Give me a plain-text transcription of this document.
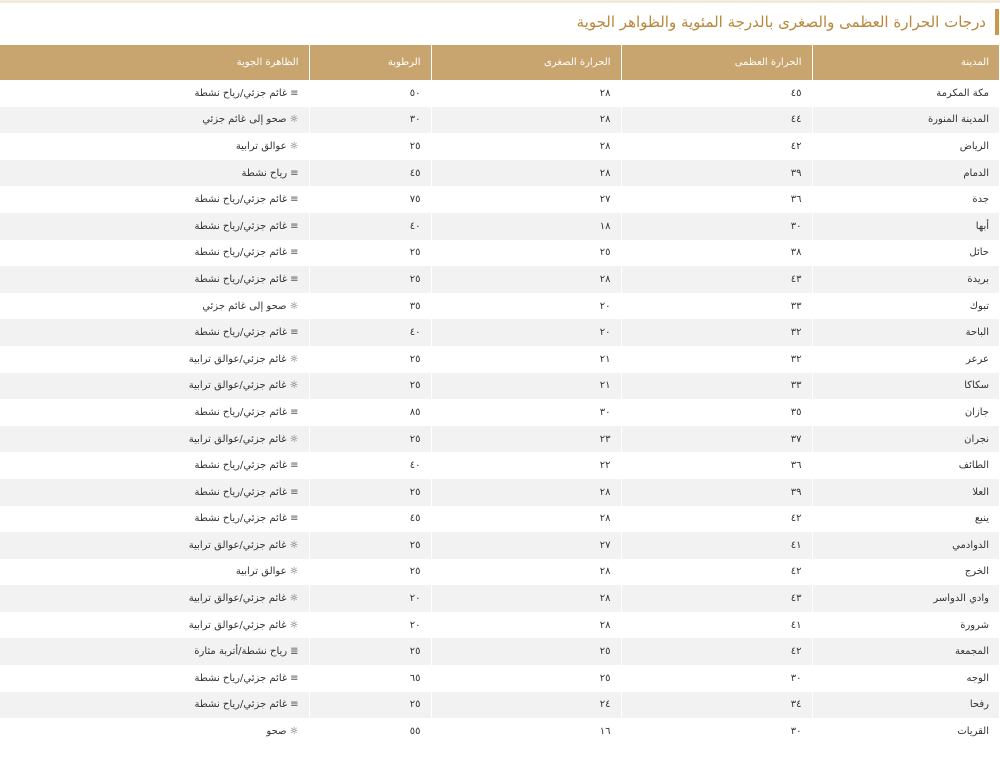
درجات الحرارة العظمى والصغرى بالدرجة المئوية والظواهر الجوية
المدينة	الحرارة العظمى	الحرارة الصغرى	الرطوبة	الظاهرة الجوية
مكة المكرمة	٤٥	٢٨	٥٠	≡غائم جزئي/رياح نشطة
المدينة المنورة	٤٤	٢٨	٣٠	☼صحو إلى غائم جزئي
الرياض	٤٢	٢٨	٢٥	☼عوالق ترابية
الدمام	٣٩	٢٨	٤٥	≡رياح نشطة
جدة	٣٦	٢٧	٧٥	≡غائم جزئي/رياح نشطة
أبها	٣٠	١٨	٤٠	≡غائم جزئي/رياح نشطة
حائل	٣٨	٢٥	٢٥	≡غائم جزئي/رياح نشطة
بريدة	٤٣	٢٨	٢٥	≡غائم جزئي/رياح نشطة
تبوك	٣٣	٢٠	٣٥	☼صحو إلى غائم جزئي
الباحة	٣٢	٢٠	٤٠	≡غائم جزئي/رياح نشطة
عرعر	٣٢	٢١	٢٥	☼غائم جزئي/عوالق ترابية
سكاكا	٣٣	٢١	٢٥	☼غائم جزئي/عوالق ترابية
جازان	٣٥	٣٠	٨٥	≡غائم جزئي/رياح نشطة
نجران	٣٧	٢٣	٢٥	☼غائم جزئي/عوالق ترابية
الطائف	٣٦	٢٢	٤٠	≡غائم جزئي/رياح نشطة
العلا	٣٩	٢٨	٢٥	≡غائم جزئي/رياح نشطة
ينبع	٤٢	٢٨	٤٥	≡غائم جزئي/رياح نشطة
الدوادمي	٤١	٢٧	٢٥	☼غائم جزئي/عوالق ترابية
الخرج	٤٢	٢٨	٢٥	☼عوالق ترابية
وادي الدواسر	٤٣	٢٨	٢٠	☼غائم جزئي/عوالق ترابية
شرورة	٤١	٢٨	٢٠	☼غائم جزئي/عوالق ترابية
المجمعة	٤٢	٢٥	٢٥	≣رياح نشطة/أتربة مثارة
الوجه	٣٠	٢٥	٦٥	≡غائم جزئي/رياح نشطة
رفحا	٣٤	٢٤	٢٥	≡غائم جزئي/رياح نشطة
القريات	٣٠	١٦	٥٥	☼صحو
